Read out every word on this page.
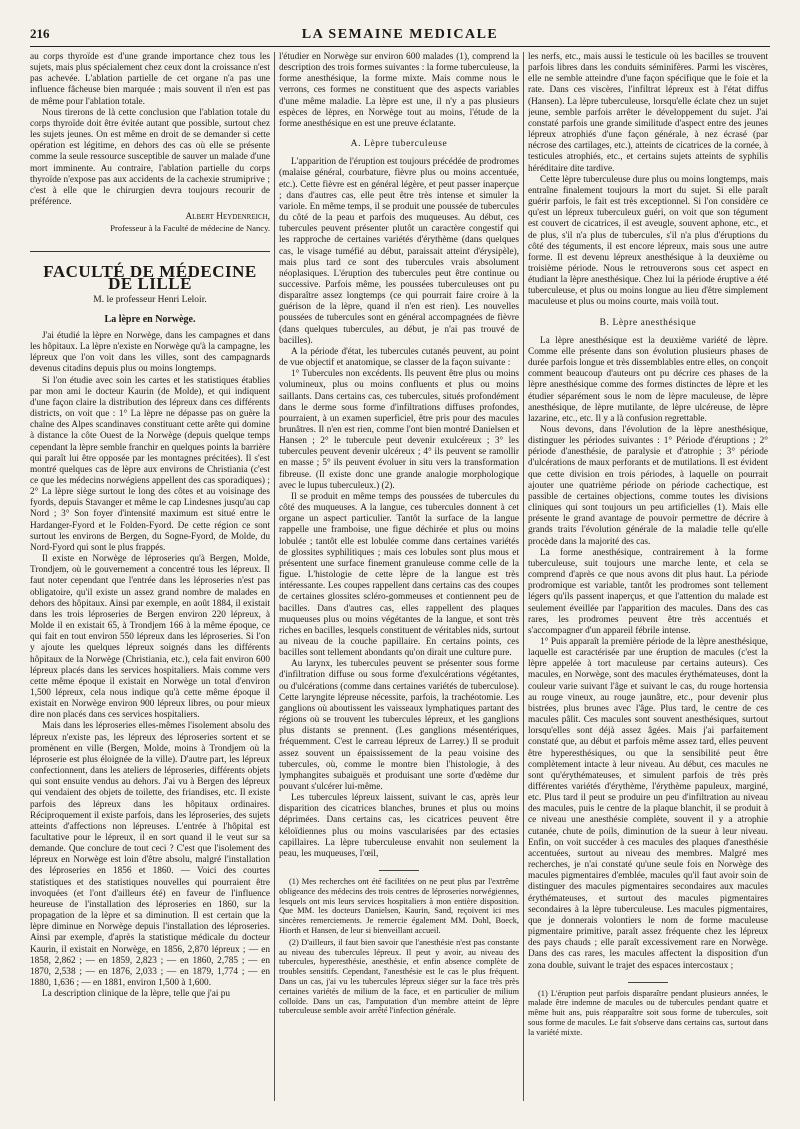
216	LA SEMAINE MEDICALE

au corps thyroïde est d'une grande importance chez tous les sujets, mais plus spécialement chez ceux dont la croissance n'est pas achevée. L'ablation partielle de cet organe n'a pas une influence fâcheuse bien marquée ; mais souvent il n'en est pas de même pour l'ablation totale.

Nous tirerons de là cette conclusion que l'ablation totale du corps thyroïde doit être évitée autant que possible, surtout chez les sujets jeunes. On est même en droit de se demander si cette opération est légitime, en dehors des cas où elle se présente comme la seule ressource susceptible de sauver un malade d'une mort imminente. Au contraire, l'ablation partielle du corps thyroïde n'expose pas aux accidents de la cachexie strumiprive ; c'est à elle que le chirurgien devra toujours recourir de préférence.

Albert Heydenreich,
Professeur à la Faculté de médecine de Nancy.
FACULTÉ DE MÉDECINE DE LILLE
M. le professeur Henri Leloir.
La lèpre en Norwège.

J'ai étudié la lèpre en Norwège, dans les campagnes et dans les hôpitaux. La lèpre n'existe en Norwège qu'à la campagne, les lépreux que l'on voit dans les villes, sont des campagnards devenus citadins depuis plus ou moins longtemps.

Si l'on étudie avec soin les cartes et les statistiques établies par mon ami le docteur Kaurin (de Molde), et qui indiquent d'une façon claire la distribution des lépreux dans ces différents districts, on voit que : 1° La lèpre ne dépasse pas on guère la chaîne des Alpes scandinaves constituant cette arête qui domine à distance la côte Ouest de la Norwège (depuis quelque temps cependant la lèpre semble franchir en quelques points la barrière qui paraît lui être opposée par les montagnes précitées). Il s'est montré quelques cas de lèpre aux environs de Christiania (c'est ce que les médecins norwégiens appellent des cas sporadiques) ; 2° La lèpre siège surtout le long des côtes et au voisinage des fyords, depuis Stavanger et même le cap Lindesnes jusqu'au cap Nord ; 3° Son foyer d'intensité maximum est situé entre le Hardanger-Fyord et le Folden-Fyord. De cette région ce sont surtout les environs de Bergen, du Sogne-Fyord, de Molde, du Nord-Fyord qui sont le plus frappés.

Il existe en Norwège de léproseries qu'à Bergen, Molde, Trondjem, où le gouvernement a concentré tous les lépreux. Il faut noter cependant que l'entrée dans les léproseries n'est pas obligatoire, qu'il existe un assez grand nombre de malades en dehors des hôpitaux. Ainsi par exemple, en août 1884, il existait dans les trois léproseries de Bergen environ 220 lépreux, à Molde il en existait 65, à Trondjem 166 à la même époque, ce qui fait en tout environ 550 lépreux dans les léproseries. Si l'on y ajoute les quelques lépreux soignés dans les différents hôpitaux de la Norwège (Christiania, etc.), cela fait environ 600 lépreux placés dans les services hospitaliers. Mais comme vers cette même époque il existait en Norwège un total d'environ 1,500 lépreux, cela nous indique qu'à cette même époque il existait en Norwège environ 900 lépreux libres, ou pour mieux dire non placés dans ces services hospitaliers.

Mais dans les léproseries elles-mêmes l'isolement absolu des lépreux n'existe pas, les lépreux des léproseries sortent et se promènent en ville (Bergen, Molde, moins à Trondjem où la léproserie est plus éloignée de la ville). D'autre part, les lépreux confectionnent, dans les ateliers de léproseries, différents objets qui sont ensuite vendus au dehors. J'ai vu à Bergen des lépreux qui vendaient des objets de toilette, des friandises, etc. Il existe parfois des lépreux dans les hôpitaux ordinaires. Réciproquement il existe parfois, dans les léproseries, des sujets atteints d'affections non lépreuses. L'entrée à l'hôpital est facultative pour le lépreux, il en sort quand il le veut sur sa demande. Que conclure de tout ceci ? C'est que l'isolement des lépreux en Norwège est loin d'être absolu, malgré l'installation des léproseries en 1856 et 1860. — Voici des courtes statistiques et des statistiques nouvelles qui pourraient être invoquées (et l'ont d'ailleurs été) en faveur de l'influence heureuse de l'installation des léproseries en 1860, sur la propagation de la lèpre et sa diminution. Il est certain que la lèpre diminue en Norwège depuis l'installation des léproseries. Ainsi par exemple, d'après la statistique médicale du docteur Kaurin, il existait en Norwège, en 1856, 2,870 lépreux ; — en 1858, 2,862 ; — en 1859, 2,823 ; — en 1860, 2,785 ; — en 1870, 2,538 ; — en 1876, 2,033 ; — en 1879, 1,774 ; — en 1880, 1,636 ; — en 1881, environ 1,500 à 1,600.

La description clinique de la lèpre, telle que j'ai pu

l'étudier en Norwège sur environ 600 malades (1), comprend la description des trois formes suivantes : la forme tuberculeuse, la forme anesthésique, la forme mixte. Mais comme nous le verrons, ces formes ne constituent que des aspects variables d'une même maladie. La lèpre est une, il n'y a pas plusieurs espèces de lèpres, en Norwège tout au moins, l'étude de la forme anesthésique en est une preuve éclatante.

A. Lèpre tuberculeuse

L'apparition de l'éruption est toujours précédée de prodromes (malaise général, courbature, fièvre plus ou moins accentuée, etc.). Cette fièvre est en général légère, et peut passer inaperçue ; dans d'autres cas, elle peut être très intense et simuler la variole. En même temps, il se produit une poussée de tubercules du côté de la peau et parfois des muqueuses. Au début, ces tubercules peuvent présenter plutôt un caractère congestif qui les rapproche de certaines variétés d'érythème (dans quelques cas, le visage tuméfié au début, paraissait atteint d'érysipèle), mais plus tard ce sont des tubercules vrais absolument néoplasiques. L'éruption des tubercules peut être continue ou successive. Parfois même, les poussées tuberculeuses ont pu disparaître assez longtemps (ce qui pourrait faire croire à la guérison de la lèpre, quand il n'en est rien). Les nouvelles poussées de tubercules sont en général accompagnées de fièvre (dans quelques tubercules, au début, je n'ai pas trouvé de bacilles).

A la période d'état, les tubercules cutanés peuvent, au point de vue objectif et anatomique, se classer de la façon suivante :

1° Tubercules non excédents. Ils peuvent être plus ou moins volumineux, plus ou moins confluents et plus ou moins saillants. Dans certains cas, ces tubercules, situés profondément dans le derme sous forme d'infiltrations diffuses profondes, pourraient, à un examen superficiel, être pris pour des macules brunâtres. Il n'en est rien, comme l'ont bien montré Danielsen et Hansen ; 2° le tubercule peut devenir exulcéreux ; 3° les tubercules peuvent devenir ulcéreux ; 4° ils peuvent se ramollir en masse ; 5° ils peuvent évoluer in situ vers la transformation fibreuse. (Il existe donc une grande analogie morphologique avec le lupus tuberculeux.) (2).

Il se produit en même temps des poussées de tubercules du côté des muqueuses. A la langue, ces tubercules donnent à cet organe un aspect particulier. Tantôt la surface de la langue rappelle une framboise, une figue déchirée et plus ou moins lobulée ; tantôt elle est lobulée comme dans certaines variétés de glossites syphilitiques ; mais ces lobules sont plus mous et présentent une surface finement granuleuse comme celle de la figue. L'histologie de cette lèpre de la langue est très intéressante. Les coupes rappellent dans certains cas des coupes de certaines glossites scléro-gommeuses et contiennent peu de bacilles. Dans d'autres cas, elles rappellent des plaques muqueuses plus ou moins végétantes de la langue, et sont très riches en bacilles, lesquels constituent de véritables nids, surtout au niveau de la couche papillaire. En certains points, ces bacilles sont tellement abondants qu'on dirait une culture pure.

Au larynx, les tubercules peuvent se présenter sous forme d'infiltration diffuse ou sous forme d'exulcérations végétantes, ou d'ulcérations (comme dans certaines variétés de tuberculose). Cette laryngite lépreuse nécessite, parfois, la trachéotomie. Les ganglions où aboutissent les vaisseaux lymphatiques partant des régions où se trouvent les tubercules lépreux, et les ganglions plus distants se prennent. (Les ganglions mésentériques, fréquemment. C'est le carreau lépreux de Larrey.) Il se produit assez souvent un épaississement de la peau voisine des tubercules, où, comme le montre bien l'histologie, à des lymphangites subaiguës et produisant une sorte d'œdème dur pouvant s'ulcérer lui-même.

Les tubercules lépreux laissent, suivant le cas, après leur disparition des cicatrices blanches, brunes et plus ou moins déprimées. Dans certains cas, les cicatrices peuvent être kéloïdiennes plus ou moins vascularisées par des ectasies capillaires. La lèpre tuberculeuse envahit non seulement la peau, les muqueuses, l'œil,

(1) Mes recherches ont été facilitées on ne peut plus par l'extrême obligeance des médecins des trois centres de léproseries norwégiennes, lesquels ont mis leurs services hospitaliers à mon entière disposition. Que MM. les docteurs Danielsen, Kaurin, Sand, reçoivent ici mes sincères remerciements. Je remercie également MM. Dohl, Boeck, Hiorth et Hansen, de leur si bienveillant accueil.

(2) D'ailleurs, il faut bien savoir que l'anesthésie n'est pas constante au niveau des tubercules lépreux. Il peut y avoir, au niveau des tubercules, hyperesthésie, anesthésie, et enfin absence complète de troubles sensitifs. Cependant, l'anesthésie est le cas le plus fréquent. Dans un cas, j'ai vu les tubercules lépreux siéger sur la face très près certaines variétés de milium de la face, et en particulier de milium colloïde. Dans un cas, l'amputation d'un membre atteint de lèpre tuberculeuse semble avoir arrêté l'infection générale.

les nerfs, etc., mais aussi le testicule où les bacilles se trouvent parfois libres dans les conduits séminifères. Parmi les viscères, elle ne semble atteindre d'une façon spécifique que le foie et la rate. Dans ces viscères, l'infiltrat lépreux est à l'état diffus (Hansen). La lèpre tuberculeuse, lorsqu'elle éclate chez un sujet jeune, semble parfois arrêter le développement du sujet. J'ai constaté parfois une grande similitude d'aspect entre des jeunes lépreux atrophiés d'une façon générale, à nez écrasé (par nécrose des cartilages, etc.), atteints de cicatrices de la cornée, à testicules atrophiés, etc., et certains sujets atteints de syphilis héréditaire dite tardive.

Cette lèpre tuberculeuse dure plus ou moins longtemps, mais entraîne finalement toujours la mort du sujet. Si elle paraît guérir parfois, le fait est très exceptionnel. Si l'on considère ce qu'est un lépreux tuberculeux guéri, on voit que son tégument est couvert de cicatrices, il est aveugle, souvent aphone, etc., et de plus, s'il n'a plus de tubercules, s'il n'a plus d'éruptions du côté des téguments, il est encore lépreux, mais sous une autre forme. Il est devenu lépreux anesthésique à la deuxième ou troisième période. Nous le retrouverons sous cet aspect en étudiant la lèpre anesthésique. Chez lui la période éruptive a été tuberculeuse, et plus ou moins longue au lieu d'être simplement maculeuse et plus ou moins courte, mais voilà tout.

B. Lèpre anesthésique

La lèpre anesthésique est la deuxième variété de lèpre. Comme elle présente dans son évolution plusieurs phases de durée parfois longue et très dissemblables entre elles, on conçoit comment beaucoup d'auteurs ont pu décrire ces phases de la lèpre anesthésique comme des formes distinctes de lèpre et les étudier séparément sous le nom de lèpre maculeuse, de lèpre anesthésique, de lèpre mutilante, de lèpre ulcéreuse, de lèpre lazarine, etc., etc. Il y a là confusion regrettable.

Nous devons, dans l'évolution de la lèpre anesthésique, distinguer les périodes suivantes : 1° Période d'éruptions ; 2° période d'anesthésie, de paralysie et d'atrophie ; 3° période d'ulcérations de maux perforants et de mutilations. Il est évident que cette division en trois périodes, à laquelle on pourrait ajouter une quatrième période on période cachectique, est passible de certaines objections, comme toutes les divisions cliniques qui sont toujours un peu artificielles (1). Mais elle présente le grand avantage de pouvoir permettre de décrire à grands traits l'évolution générale de la maladie telle qu'elle procède dans la majorité des cas.

La forme anesthésique, contrairement à la forme tuberculeuse, suit toujours une marche lente, et cela se comprend d'après ce que nous avons dit plus haut. La période prodromique est variable, tantôt les prodromes sont tellement légers qu'ils passent inaperçus, et que l'attention du malade est seulement éveillée par l'apparition des macules. Dans des cas rares, les prodromes peuvent être très accentués et s'accompagner d'un appareil fébrile intense.

1° Puis apparaît la première période de la lèpre anesthésique, laquelle est caractérisée par une éruption de macules (c'est la lèpre appelée à tort maculeuse par certains auteurs). Ces macules, en Norwège, sont des macules érythémateuses, dont la couleur varie suivant l'âge et suivant le cas, du rouge hortensia au rouge vineux, au rouge jaunâtre, etc., pour devenir plus bistrées, plus brunes avec l'âge. Plus tard, le centre de ces macules pâlit. Ces macules sont souvent anesthésiques, surtout lorsqu'elles sont déjà assez âgées. Mais j'ai parfaitement constaté que, au début et parfois même assez tard, elles peuvent être hyperesthésiques, ou que la sensibilité peut être complètement intacte à leur niveau. Au début, ces macules ne sont qu'érythémateuses, et simulent parfois de très près différentes variétés d'érythème, l'érythème papuleux, marginé, etc. Plus tard il peut se produire un peu d'infiltration au niveau des macules, puis le centre de la plaque blanchit, il se produit à ce niveau une anesthésie complète, souvent il y a atrophie cutanée, chute de poils, diminution de la sueur à leur niveau. Enfin, on voit succéder à ces macules des plaques d'anesthésie accentuées, surtout au niveau des membres. Malgré mes recherches, je n'ai constaté qu'une seule fois en Norwège des macules pigmentaires d'emblée, macules qu'il faut avoir soin de distinguer des macules pigmentaires secondaires aux macules érythémateuses, et surtout des macules pigmentaires secondaires à la lèpre tuberculeuse. Les macules pigmentaires, que je donnerais volontiers le nom de forme maculeuse pigmentaire primitive, paraît assez fréquente chez les lépreux des pays chauds ; elle paraît excessivement rare en Norwège. Dans des cas rares, les macules affectent la disposition d'un zona double, suivant le trajet des espaces intercostaux ;

(1) L'éruption peut parfois disparaître pendant plusieurs années, le malade être indemne de macules ou de tubercules pendant quatre et même huit ans, puis réapparaître soit sous forme de tubercules, soit sous forme de macules. Le fait s'observe dans certains cas, surtout dans la variété mixte.
